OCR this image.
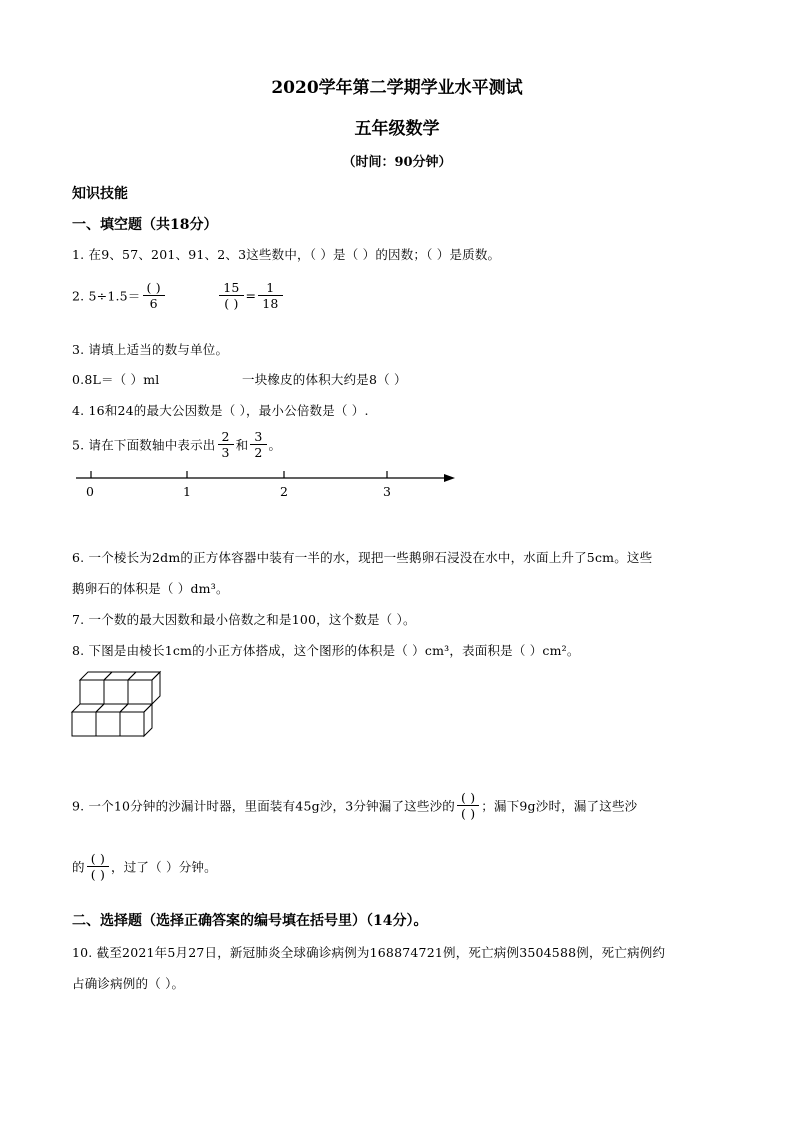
2020学年第二学期学业水平测试
五年级数学
（时间：90分钟）
知识技能
一、填空题（共18分）
1. 在9、57、201、91、2、3这些数中，（ ）是（ ）的因数；（ ）是质数。
2. $5\div 1.5= \frac{( )}{6}$
	$\frac{15}{( )} = \frac{1}{18}$
3. 请填上适当的数与单位。
0.8L＝（ ）ml	一块橡皮的体积大约是8（ ）
4. 16和24的最大公因数是（ ），最小公倍数是（ ）.
5. 请在下面数轴中表示出 $\frac{2}{3}$ 和 $\frac{3}{2}$ 。
0	1	2	3
6. 一个棱长为2dm的正方体容器中装有一半的水，现把一些鹅卵石浸没在水中，水面上升了5cm。这些
鹅卵石的体积是（ ）dm³。
7. 一个数的最大因数和最小倍数之和是100，这个数是（ ）。
8. 下图是由棱长1cm的小正方体搭成，这个图形的体积是（ ）cm³，表面积是（ ）cm²。
9. 一个10分钟的沙漏计时器，里面装有45g沙，3分钟漏了这些沙的 $\frac{( )}{( )}$ ；漏下9g沙时，漏了这些沙
的 $\frac{( )}{( )}$ ，过了（ ）分钟。
二、选择题（选择正确答案的编号填在括号里）（14分）。
10. 截至2021年5月27日，新冠肺炎全球确诊病例为168874721例，死亡病例3504588例，死亡病例约
占确诊病例的（ ）。
